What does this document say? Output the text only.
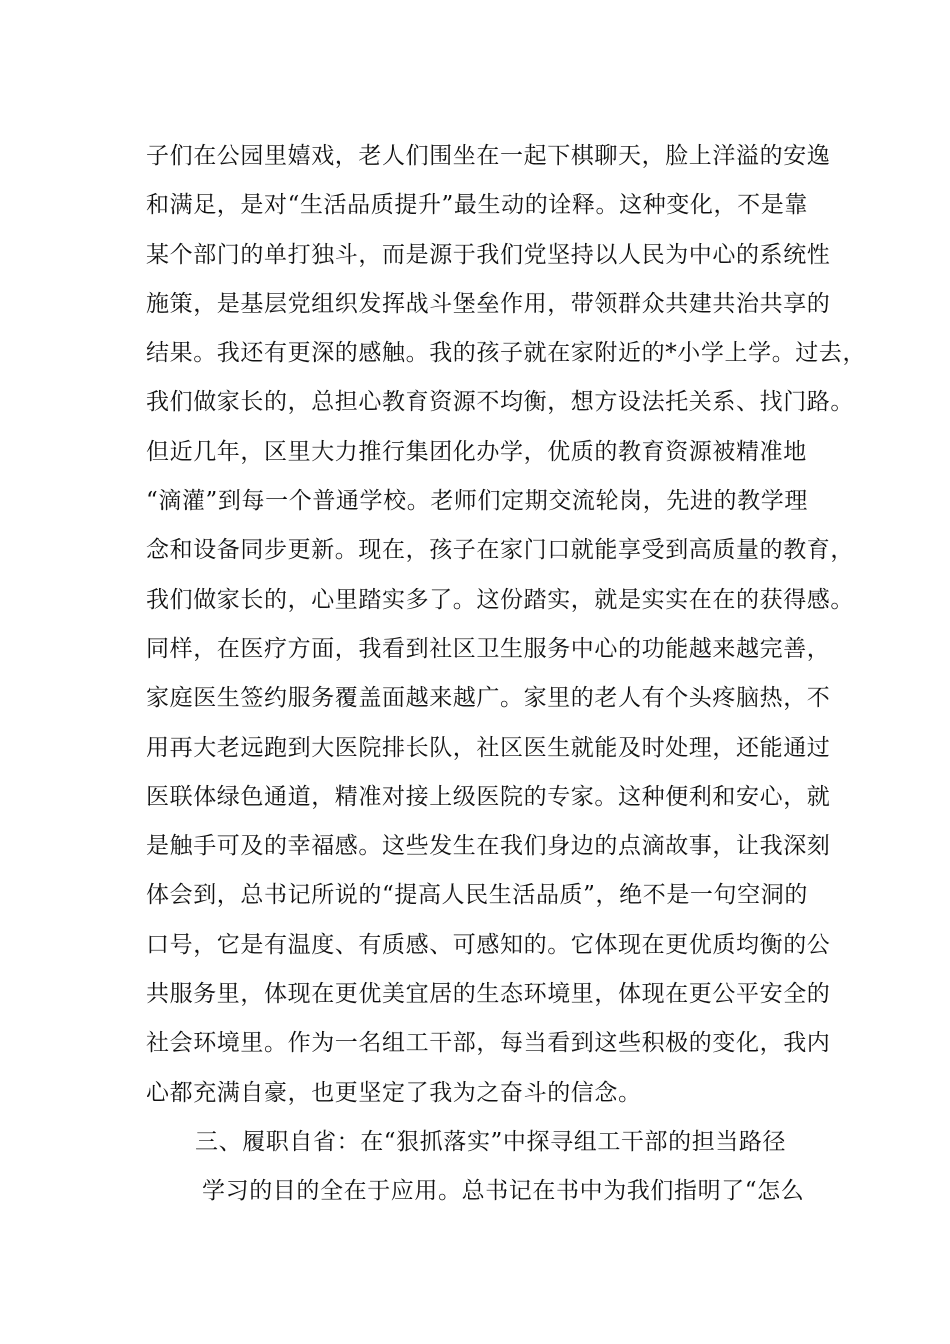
子们在公园里嬉戏，老人们围坐在一起下棋聊天，脸上洋溢的安逸
和满足，是对“生活品质提升”最生动的诠释。这种变化，不是靠
某个部门的单打独斗，而是源于我们党坚持以人民为中心的系统性
施策，是基层党组织发挥战斗堡垒作用，带领群众共建共治共享的
结果。我还有更深的感触。我的孩子就在家附近的*小学上学。过去，
我们做家长的，总担心教育资源不均衡，想方设法托关系、找门路。
但近几年，区里大力推行集团化办学，优质的教育资源被精准地
“滴灌”到每一个普通学校。老师们定期交流轮岗，先进的教学理
念和设备同步更新。现在，孩子在家门口就能享受到高质量的教育，
我们做家长的，心里踏实多了。这份踏实，就是实实在在的获得感。
同样，在医疗方面，我看到社区卫生服务中心的功能越来越完善，
家庭医生签约服务覆盖面越来越广。家里的老人有个头疼脑热，不
用再大老远跑到大医院排长队，社区医生就能及时处理，还能通过
医联体绿色通道，精准对接上级医院的专家。这种便利和安心，就
是触手可及的幸福感。这些发生在我们身边的点滴故事，让我深刻
体会到，总书记所说的“提高人民生活品质”，绝不是一句空洞的
口号，它是有温度、有质感、可感知的。它体现在更优质均衡的公
共服务里，体现在更优美宜居的生态环境里，体现在更公平安全的
社会环境里。作为一名组工干部，每当看到这些积极的变化，我内
心都充满自豪，也更坚定了我为之奋斗的信念。
三、履职自省：在“狠抓落实”中探寻组工干部的担当路径
学习的目的全在于应用。总书记在书中为我们指明了“怎么
